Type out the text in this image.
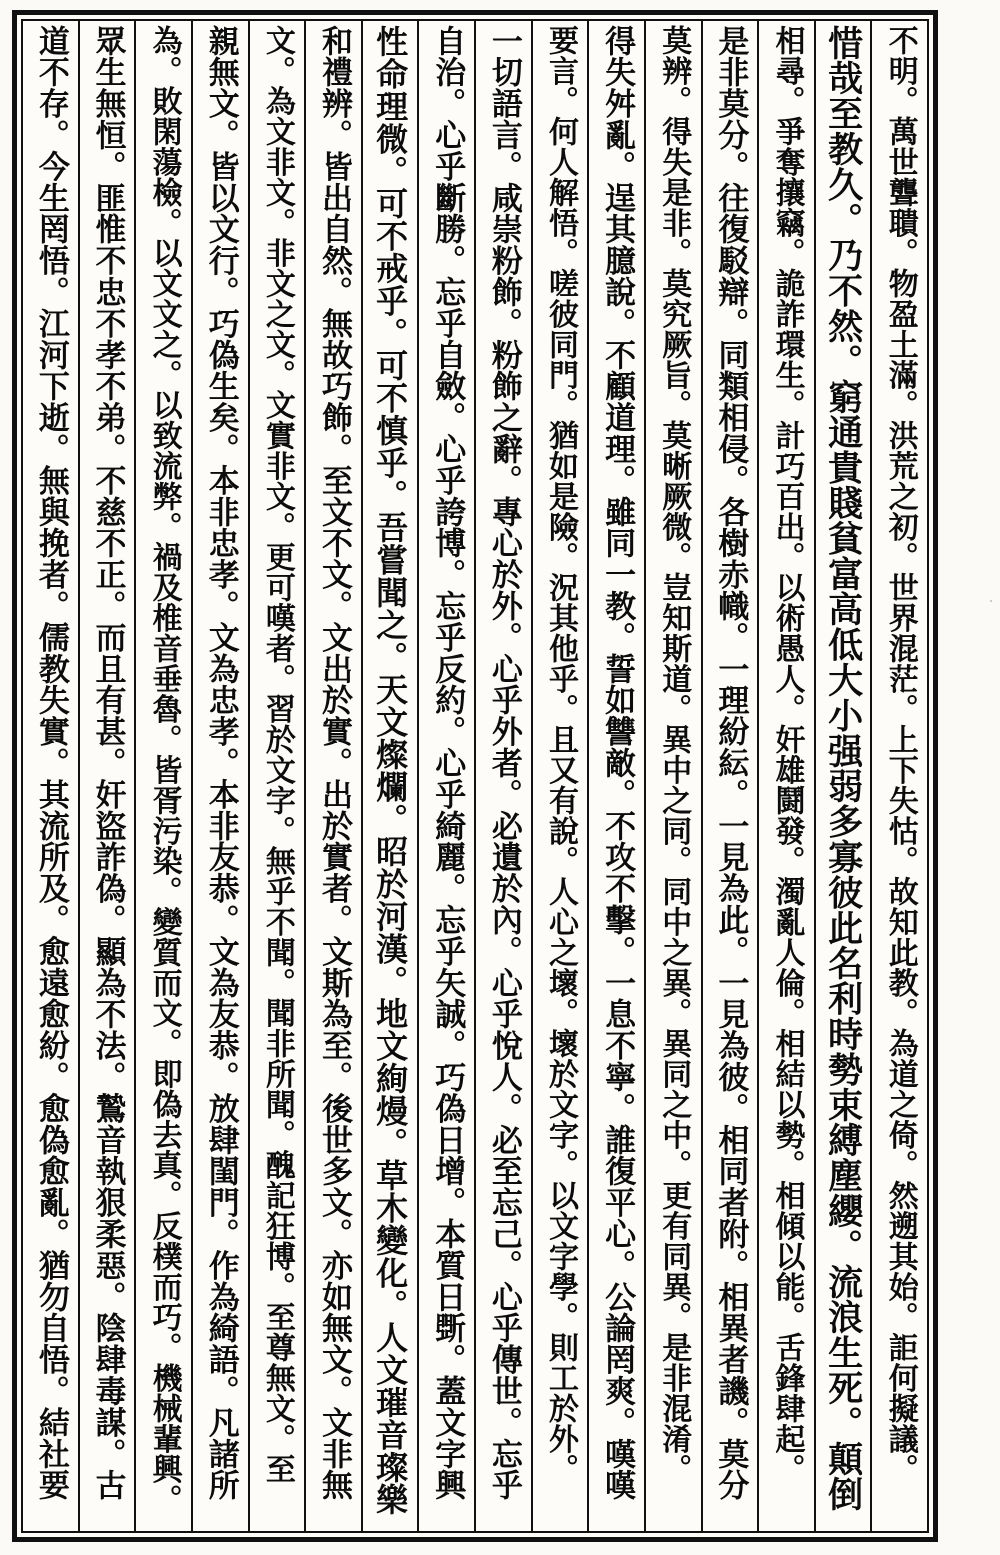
不明。萬世聾聵。物盈土滿。洪荒之初。世界混茫。上下失怙。故知此教。為道之倚。然遡其始。詎何擬議。
惜哉至教久。乃不然。窮通貴賤貧富高低大小强弱多寡彼此名利時勢束縛塵纓。流浪生死。顛倒
相尋。爭奪攘竊。詭詐環生。計巧百出。以術愚人。奸雄鬪發。濁亂人倫。相結以勢。相傾以能。舌鋒肆起。
是非莫分。往復駁辯。同類相侵。各樹赤幟。一理紛紜。一見為此。一見為彼。相同者附。相異者譏。莫分
莫辨。得失是非。莫究厥旨。莫晰厥微。豈知斯道。異中之同。同中之異。異同之中。更有同異。是非混淆。
得失舛亂。逞其臆說。不顧道理。雖同一教。誓如讐敵。不攻不擊。一息不寧。誰復平心。公論罔爽。嘆嘆
要言。何人解悟。嗟彼同門。猶如是險。況其他乎。且又有說。人心之壞。壞於文字。以文字學。則工於外。
一切語言。咸崇粉飾。粉飾之辭。專心於外。心乎外者。必遺於內。心乎悅人。必至忘己。心乎傳世。忘乎
自治。心乎斷勝。忘乎自斂。心乎誇博。忘乎反約。心乎綺麗。忘乎矢誠。巧偽日增。本質日斲。蓋文字興
性命理微。可不戒乎。可不慎乎。吾嘗聞之。天文燦爛。昭於河漢。地文絢熳。草木變化。人文璀音璨樂
和禮辨。皆出自然。無故巧飾。至文不文。文出於實。出於實者。文斯為至。後世多文。亦如無文。文非無
文。為文非文。非文之文。文實非文。更可嘆者。習於文字。無乎不聞。聞非所聞。醜記狂博。至尊無文。至
親無文。皆以文行。巧偽生矣。本非忠孝。文為忠孝。本非友恭。文為友恭。放肆閨門。作為綺語。凡諸所
為。敗閑蕩檢。以文文之。以致流弊。禍及椎音垂魯。皆胥污染。變質而文。即偽去真。反樸而巧。機械輩興。
眾生無恒。匪惟不忠不孝不弟。不慈不正。而且有甚。奸盜詐偽。顯為不法。鷙音執狠柔惡。陰肆毒謀。古
道不存。今生罔悟。江河下逝。無與挽者。儒教失實。其流所及。愈遠愈紛。愈偽愈亂。猶勿自悟。結社要
